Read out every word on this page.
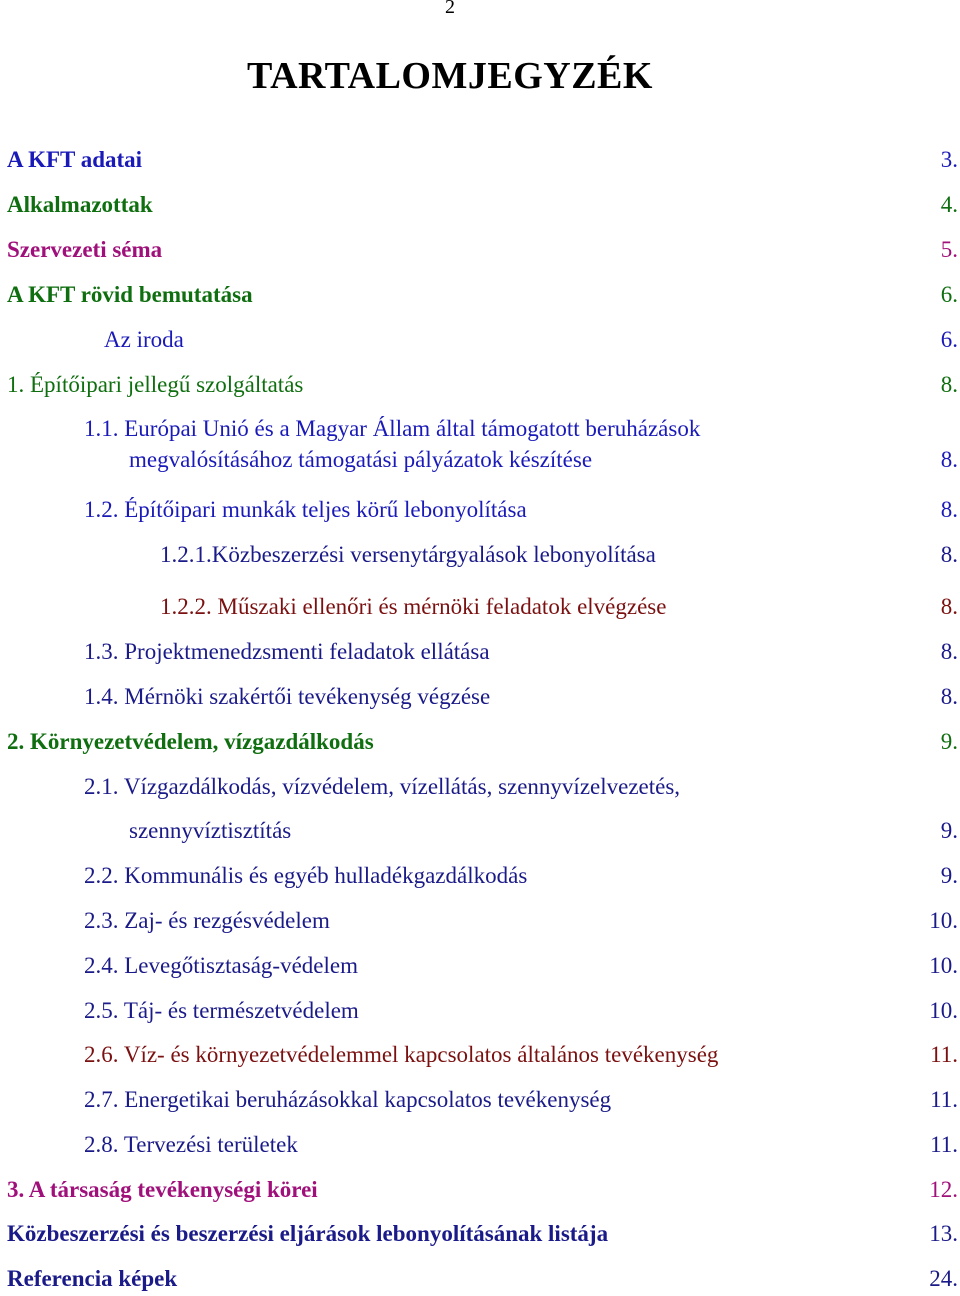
2
TARTALOMJEGYZÉK
A KFT adatai	3.
Alkalmazottak	4.
Szervezeti séma	5.
A KFT rövid bemutatása	6.
Az iroda	6.
1. Építőipari jellegű szolgáltatás	8.
1.1. Európai Unió és a Magyar Állam által támogatott beruházások
megvalósításához támogatási pályázatok készítése	8.
1.2. Építőipari munkák teljes körű lebonyolítása	8.
1.2.1.Közbeszerzési versenytárgyalások lebonyolítása	8.
1.2.2. Műszaki ellenőri és mérnöki feladatok elvégzése	8.
1.3. Projektmenedzsmenti feladatok ellátása	8.
1.4. Mérnöki szakértői tevékenység végzése	8.
2. Környezetvédelem, vízgazdálkodás	9.
2.1. Vízgazdálkodás, vízvédelem, vízellátás, szennyvízelvezetés,
szennyvíztisztítás	9.
2.2. Kommunális és egyéb hulladékgazdálkodás	9.
2.3. Zaj- és rezgésvédelem	10.
2.4. Levegőtisztaság-védelem	10.
2.5. Táj- és természetvédelem	10.
2.6. Víz- és környezetvédelemmel kapcsolatos általános tevékenység	11.
2.7. Energetikai beruházásokkal kapcsolatos tevékenység	11.
2.8. Tervezési területek	11.
3. A társaság tevékenységi körei	12.
Közbeszerzési és beszerzési eljárások lebonyolításának listája	13.
Referencia képek	24.
